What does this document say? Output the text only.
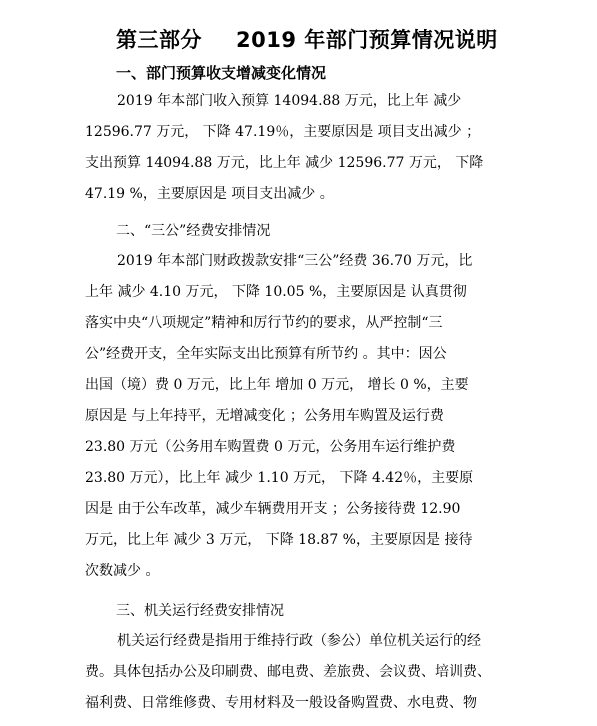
第三部分 2019 年部门预算情况说明
一、部门预算收支增减变化情况
2019 年本部门收入预算 14094.88 万元，比上年 减少
12596.77 万元， 下降 47.19％，主要原因是 项目支出减少 ；
支出预算 14094.88 万元，比上年 减少 12596.77 万元， 下降
47.19 %，主要原因是 项目支出减少 。
二、“三公”经费安排情况
2019 年本部门财政拨款安排“三公”经费 36.70 万元，比
上年 减少 4.10 万元， 下降 10.05 %，主要原因是 认真贯彻
落实中央“八项规定”精神和厉行节约的要求，从严控制“三
公”经费开支，全年实际支出比预算有所节约 。其中：因公
出国（境）费 0 万元，比上年 增加 0 万元， 增长 0 %，主要
原因是 与上年持平，无增减变化 ；公务用车购置及运行费
23.80 万元（公务用车购置费 0 万元，公务用车运行维护费
23.80 万元），比上年 减少 1.10 万元， 下降 4.42％，主要原
因是 由于公车改革，减少车辆费用开支 ；公务接待费 12.90
万元，比上年 减少 3 万元， 下降 18.87 %，主要原因是 接待
次数减少 。
三、机关运行经费安排情况
机关运行经费是指用于维持行政（参公）单位机关运行的经
费。具体包括办公及印刷费、邮电费、差旅费、会议费、培训费、
福利费、日常维修费、专用材料及一般设备购置费、水电费、物
